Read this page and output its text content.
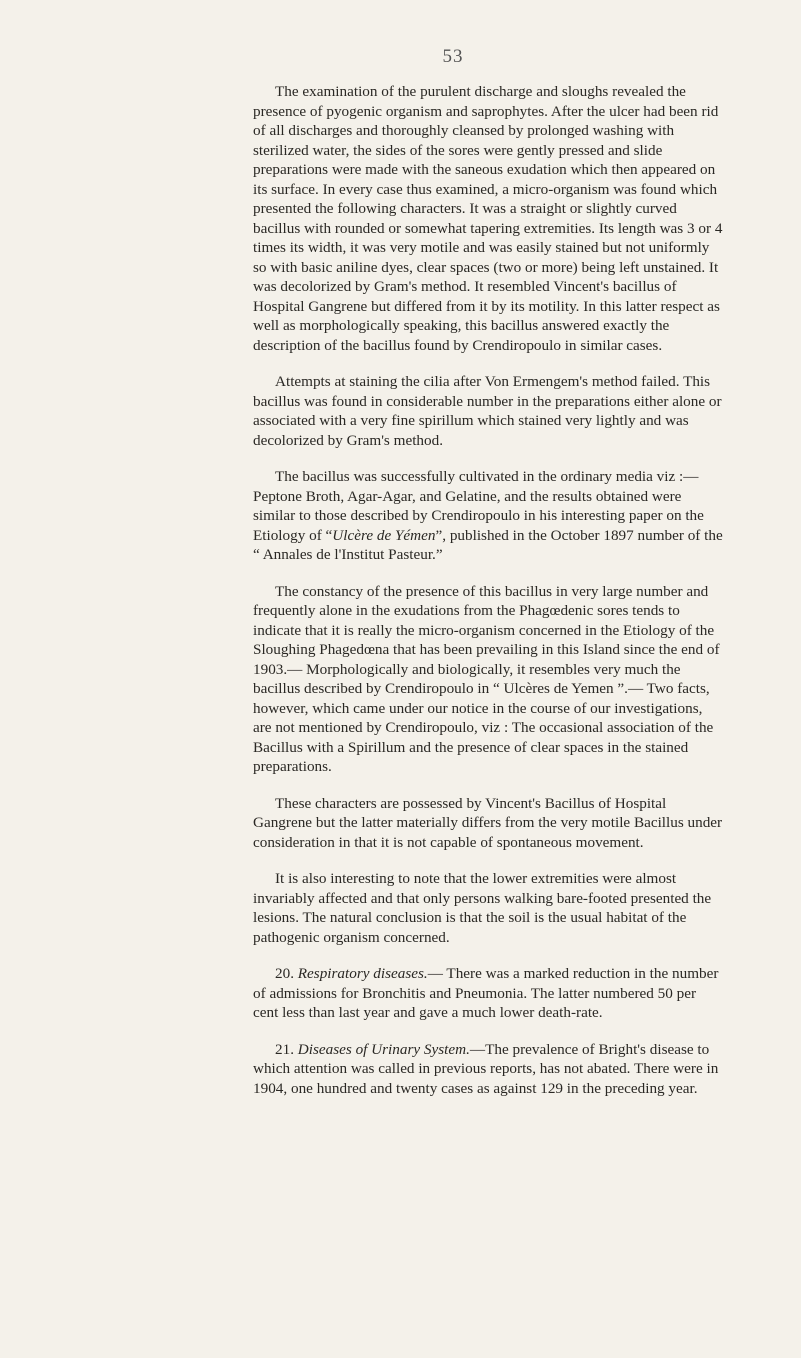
53

The examination of the purulent discharge and sloughs revealed the presence of pyogenic organism and saprophytes. After the ulcer had been rid of all discharges and thoroughly cleansed by prolonged washing with sterilized water, the sides of the sores were gently pressed and slide preparations were made with the saneous exudation which then appeared on its surface. In every case thus examined, a micro-organism was found which presented the following characters. It was a straight or slightly curved bacillus with rounded or somewhat tapering extremities. Its length was 3 or 4 times its width, it was very motile and was easily stained but not uniformly so with basic aniline dyes, clear spaces (two or more) being left unstained. It was decolorized by Gram's method. It resembled Vincent's bacillus of Hospital Gangrene but differed from it by its motility. In this latter respect as well as morphologically speaking, this bacillus answered exactly the description of the bacillus found by Crendiropoulo in similar cases.

Attempts at staining the cilia after Von Ermengem's method failed. This bacillus was found in considerable number in the preparations either alone or associated with a very fine spirillum which stained very lightly and was decolorized by Gram's method.

The bacillus was successfully cultivated in the ordinary media viz :—Peptone Broth, Agar-Agar, and Gelatine, and the results obtained were similar to those described by Crendiropoulo in his interesting paper on the Etiology of “Ulcère de Yémen”, published in the October 1897 number of the “ Annales de l'Institut Pasteur.”

The constancy of the presence of this bacillus in very large number and frequently alone in the exudations from the Phagœdenic sores tends to indicate that it is really the micro-organism concerned in the Etiology of the Sloughing Phagedœna that has been prevailing in this Island since the end of 1903.— Morphologically and biologically, it resembles very much the bacillus described by Crendiropoulo in “ Ulcères de Yemen ”.— Two facts, however, which came under our notice in the course of our investigations, are not mentioned by Crendiropoulo, viz : The occasional association of the Bacillus with a Spirillum and the presence of clear spaces in the stained preparations.

These characters are possessed by Vincent's Bacillus of Hospital Gangrene but the latter materially differs from the very motile Bacillus under consideration in that it is not capable of spontaneous movement.

It is also interesting to note that the lower extremities were almost invariably affected and that only persons walking bare-footed presented the lesions. The natural conclusion is that the soil is the usual habitat of the pathogenic organism concerned.

20. Respiratory diseases.— There was a marked reduction in the number of admissions for Bronchitis and Pneumonia. The latter numbered 50 per cent less than last year and gave a much lower death-rate.

21. Diseases of Urinary System.—The prevalence of Bright's disease to which attention was called in previous reports, has not abated. There were in 1904, one hundred and twenty cases as against 129 in the preceding year.
